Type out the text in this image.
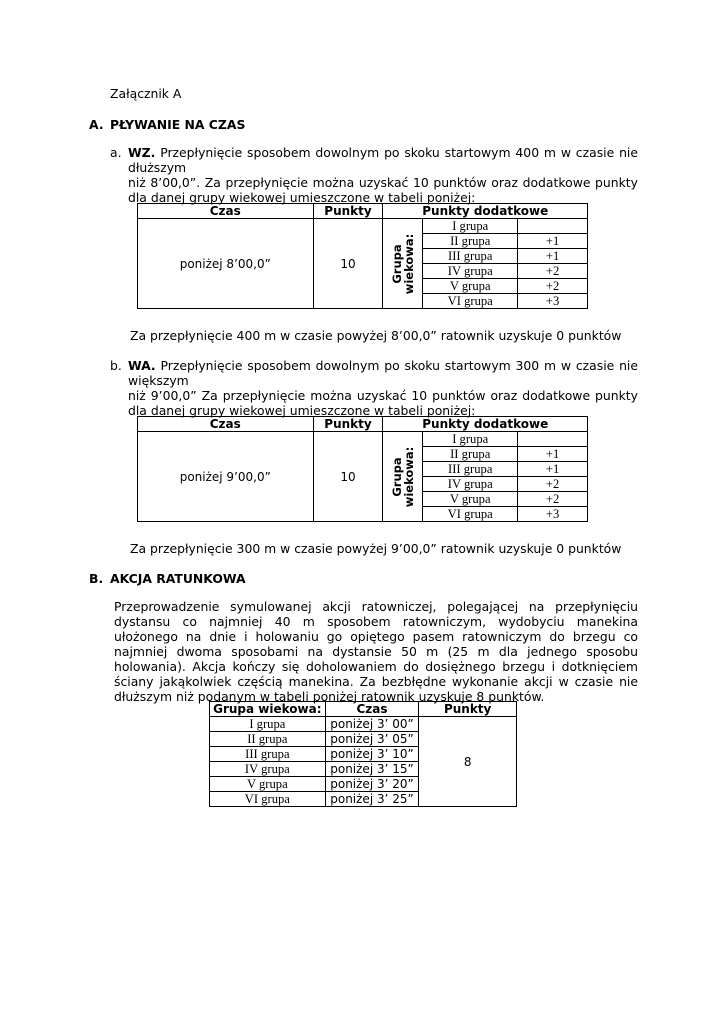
Załącznik A
A. PŁYWANIE NA CZAS
a. WZ. Przepłynięcie sposobem dowolnym po skoku startowym 400 m w czasie nie dłuższym
niż 8’00,0”. Za przepłynięcie można uzyskać 10 punktów oraz dodatkowe punkty dla danej grupy wiekowej umieszczone w tabeli poniżej:
Czas	Punkty	Punkty dodatkowe		
poniżej 8’00,0”	10	Grupa wiekowa:	I grupa	
			II grupa	+1
			III grupa	+1
			IV grupa	+2
			V grupa	+2
			VI grupa	+3
Za przepłynięcie 400 m w czasie powyżej 8’00,0” ratownik uzyskuje 0 punktów
b. WA. Przepłynięcie sposobem dowolnym po skoku startowym 300 m w czasie nie większym
niż 9’00,0” Za przepłynięcie można uzyskać 10 punktów oraz dodatkowe punkty dla danej grupy wiekowej umieszczone w tabeli poniżej:
Czas	Punkty	Punkty dodatkowe		
poniżej 9’00,0”	10	Grupa wiekowa:	I grupa	
			II grupa	+1
			III grupa	+1
			IV grupa	+2
			V grupa	+2
			VI grupa	+3
Za przepłynięcie 300 m w czasie powyżej 9’00,0” ratownik uzyskuje 0 punktów
B. AKCJA RATUNKOWA
Przeprowadzenie symulowanej akcji ratowniczej, polegającej na przepłynięciu dystansu co najmniej 40 m sposobem ratowniczym, wydobyciu manekina ułożonego na dnie i holowaniu go opiętego pasem ratowniczym do brzegu co najmniej dwoma sposobami na dystansie 50 m (25 m dla jednego sposobu holowania). Akcja kończy się doholowaniem do dosiężnego brzegu i dotknięciem ściany jakąkolwiek częścią manekina. Za bezbłędne wykonanie akcji w czasie nie dłuższym niż podanym w tabeli poniżej ratownik uzyskuje 8 punktów.
Grupa wiekowa:	Czas	Punkty
I grupa	poniżej 3’ 00”	8
II grupa	poniżej 3’ 05”	
III grupa	poniżej 3’ 10”	
IV grupa	poniżej 3’ 15”	
V grupa	poniżej 3’ 20”	
VI grupa	poniżej 3’ 25”	
